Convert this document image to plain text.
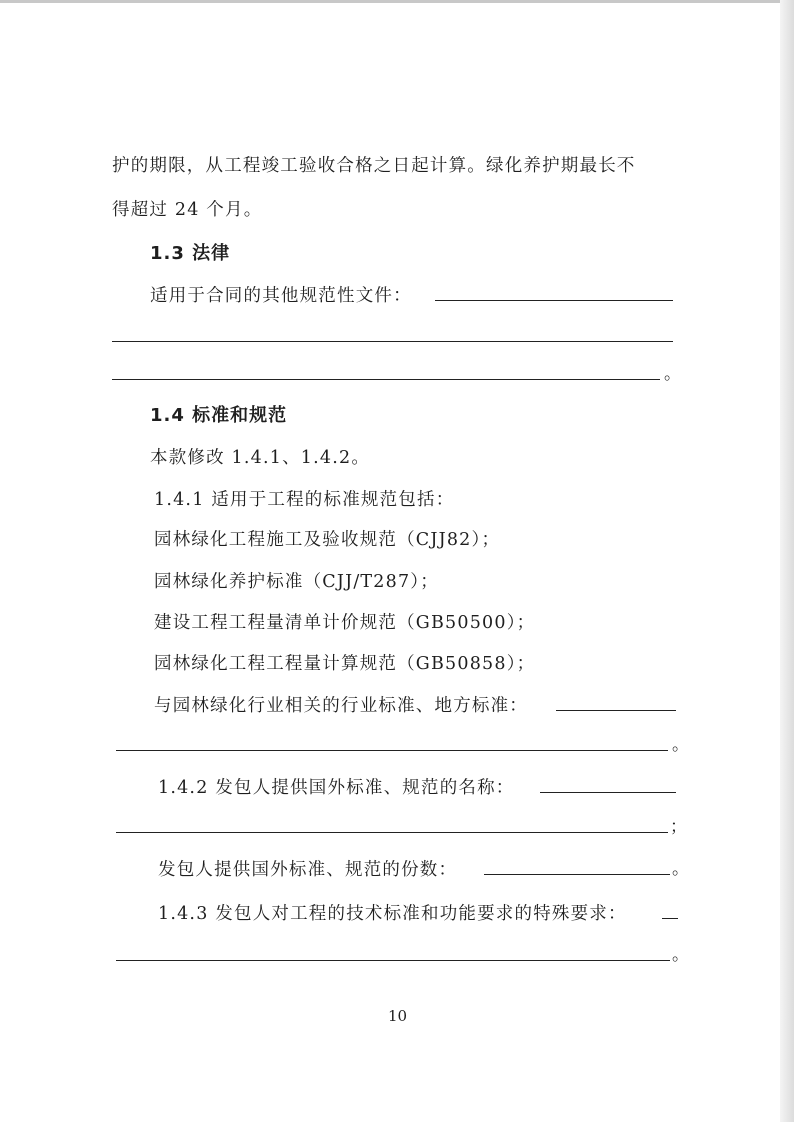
护的期限，从工程竣工验收合格之日起计算。绿化养护期最长不
得超过 24 个月。
1.3 法律
适用于合同的其他规范性文件：
。
1.4 标准和规范
本款修改 1.4.1、1.4.2。
1.4.1 适用于工程的标准规范包括：
园林绿化工程施工及验收规范（CJJ82）；
园林绿化养护标准（CJJ/T287）；
建设工程工程量清单计价规范（GB50500）；
园林绿化工程工程量计算规范（GB50858）；
与园林绿化行业相关的行业标准、地方标准：
。
1.4.2 发包人提供国外标准、规范的名称：
；
发包人提供国外标准、规范的份数：	。
1.4.3 发包人对工程的技术标准和功能要求的特殊要求：
。
10
